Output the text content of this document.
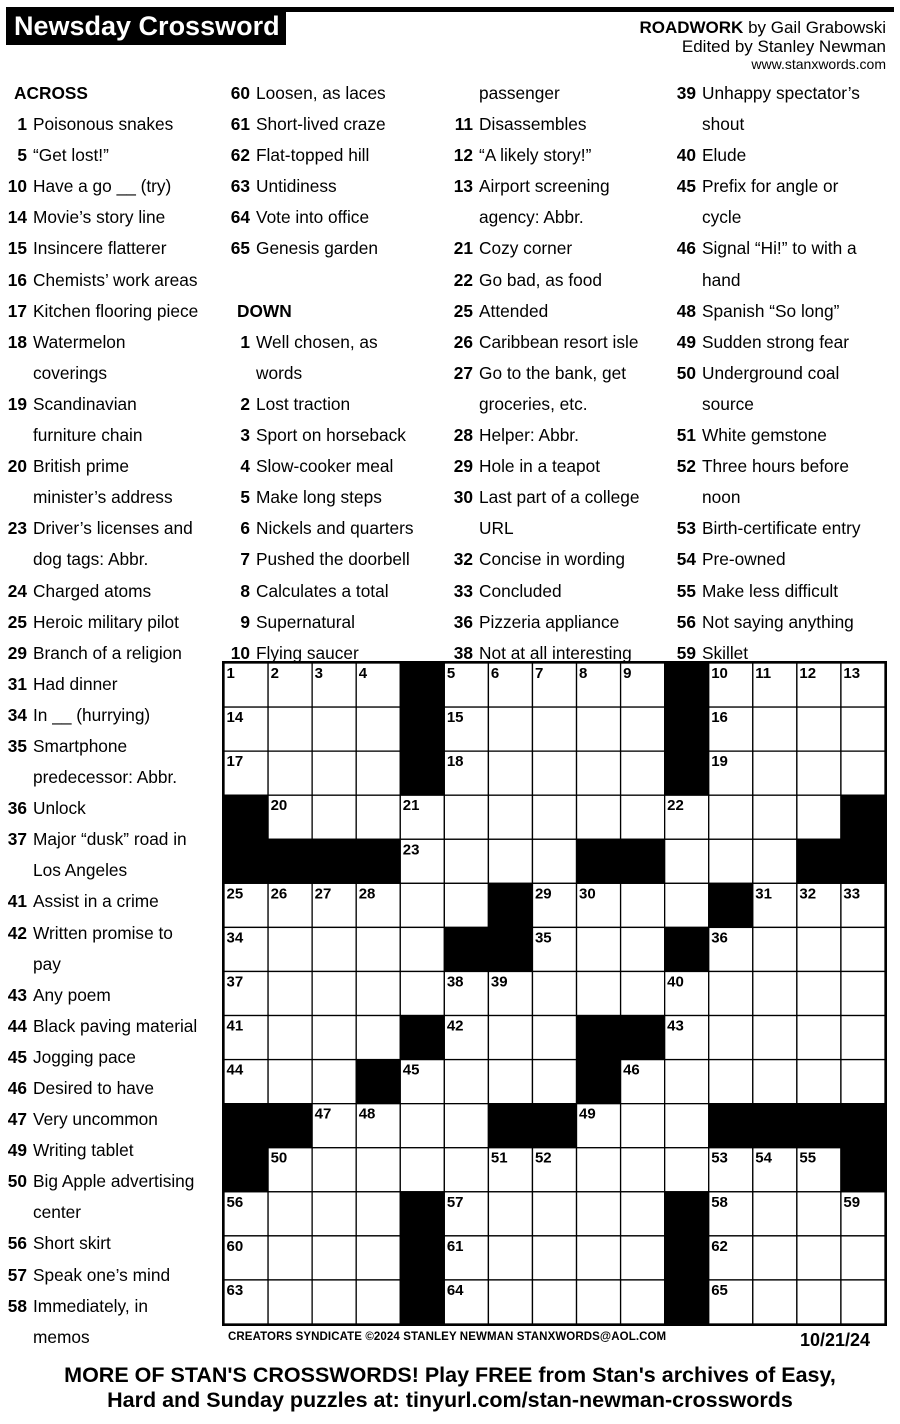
Newsday Crossword	ROADWORK by Gail Grabowski
Edited by Stanley Newman
www.stanxwords.com
ACROSS
1 Poisonous snakes
5 “Get lost!”
10 Have a go __ (try)
14 Movie’s story line
15 Insincere flatterer
16 Chemists’ work areas
17 Kitchen flooring piece
18 Watermelon
coverings
19 Scandinavian
furniture chain
20 British prime
minister’s address
23 Driver’s licenses and
dog tags: Abbr.
24 Charged atoms
25 Heroic military pilot
29 Branch of a religion
31 Had dinner
34 In __ (hurrying)
35 Smartphone
predecessor: Abbr.
36 Unlock
37 Major “dusk” road in
Los Angeles
41 Assist in a crime
42 Written promise to
pay
43 Any poem
44 Black paving material
45 Jogging pace
46 Desired to have
47 Very uncommon
49 Writing tablet
50 Big Apple advertising
center
56 Short skirt
57 Speak one’s mind
58 Immediately, in
memos
60 Loosen, as laces
61 Short-lived craze
62 Flat-topped hill
63 Untidiness
64 Vote into office
65 Genesis garden
DOWN
1 Well chosen, as
words
2 Lost traction
3 Sport on horseback
4 Slow-cooker meal
5 Make long steps
6 Nickels and quarters
7 Pushed the doorbell
8 Calculates a total
9 Supernatural
10 Flying saucer
passenger
11 Disassembles
12 “A likely story!”
13 Airport screening
agency: Abbr.
21 Cozy corner
22 Go bad, as food
25 Attended
26 Caribbean resort isle
27 Go to the bank, get
groceries, etc.
28 Helper: Abbr.
29 Hole in a teapot
30 Last part of a college
URL
32 Concise in wording
33 Concluded
36 Pizzeria appliance
38 Not at all interesting
39 Unhappy spectator’s
shout
40 Elude
45 Prefix for angle or
cycle
46 Signal “Hi!” to with a
hand
48 Spanish “So long”
49 Sudden strong fear
50 Underground coal
source
51 White gemstone
52 Three hours before
noon
53 Birth-certificate entry
54 Pre-owned
55 Make less difficult
56 Not saying anything
59 Skillet
1 2 3 4	5 6 7 8 9	10 11 12 13
14	15	16
17	18	19
20	21	22
23
25 26 27 28	29 30	31 32 33
34	35	36
37	38 39	40
41	42	43
44	45	46
47 48	49
50	51 52	53 54 55
56	57	58	59
60	61	62
63	64	65
CREATORS SYNDICATE ©2024 STANLEY NEWMAN STANXWORDS@AOL.COM	10/21/24
MORE OF STAN'S CROSSWORDS! Play FREE from Stan's archives of Easy,
Hard and Sunday puzzles at: tinyurl.com/stan-newman-crosswords
